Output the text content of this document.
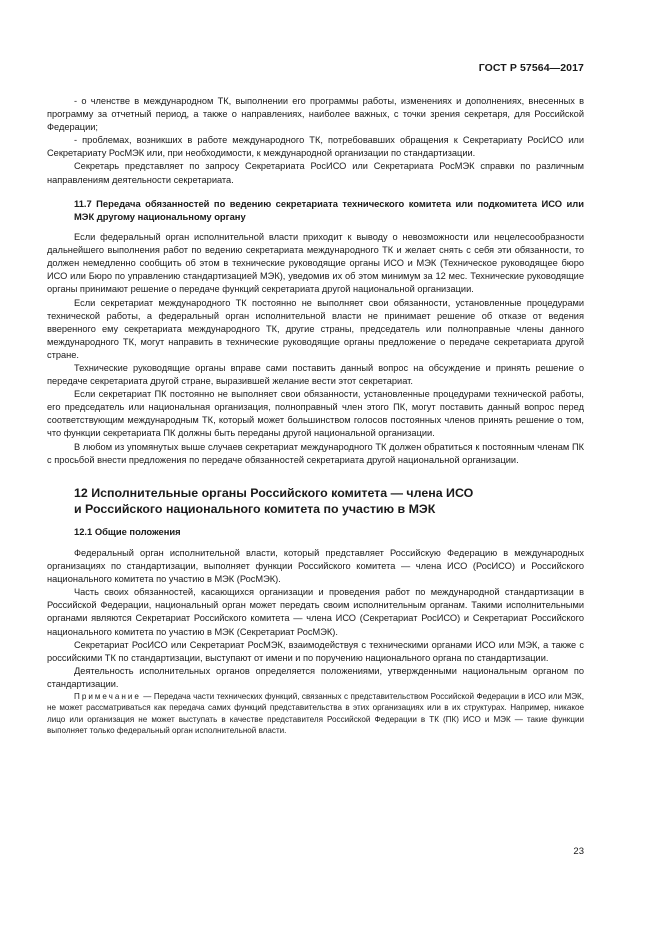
ГОСТ Р 57564—2017

- о членстве в международном ТК, выполнении его программы работы, изменениях и дополнениях, внесенных в программу за отчетный период, а также о направлениях, наиболее важных, с точки зрения секретаря, для Российской Федерации;

- проблемах, возникших в работе международного ТК, потребовавших обращения к Секретариату РосИСО или Секретариату РосМЭК или, при необходимости, к международной организации по стандартизации.

Секретарь представляет по запросу Секретариата РосИСО или Секретариата РосМЭК справки по различным направлениям деятельности секретариата.

11.7 Передача обязанностей по ведению секретариата технического комитета или подкомитета ИСО или МЭК другому национальному органу

Если федеральный орган исполнительной власти приходит к выводу о невозможности или нецелесообразности дальнейшего выполнения работ по ведению секретариата международного ТК и желает снять с себя эти обязанности, то должен немедленно сообщить об этом в технические руководящие органы ИСО и МЭК (Техническое руководящее бюро ИСО или Бюро по управлению стандартизацией МЭК), уведомив их об этом минимум за 12 мес. Технические руководящие органы принимают решение о передаче функций секретариата другой национальной организации.

Если секретариат международного ТК постоянно не выполняет свои обязанности, установленные процедурами технической работы, а федеральный орган исполнительной власти не принимает решение об отказе от ведения вверенного ему секретариата международного ТК, другие страны, председатель или полноправные члены данного международного ТК, могут направить в технические руководящие органы предложение о передаче секретариата другой стране.

Технические руководящие органы вправе сами поставить данный вопрос на обсуждение и принять решение о передаче секретариата другой стране, выразившей желание вести этот секретариат.

Если секретариат ПК постоянно не выполняет свои обязанности, установленные процедурами технической работы, его председатель или национальная организация, полноправный член этого ПК, могут поставить данный вопрос перед соответствующим международным ТК, который может большинством голосов постоянных членов принять решение о том, что функции секретариата ПК должны быть переданы другой национальной организации.

В любом из упомянутых выше случаев секретариат международного ТК должен обратиться к постоянным членам ПК с просьбой внести предложения по передаче обязанностей секретариата другой национальной организации.

12 Исполнительные органы Российского комитета — члена ИСО
и Российского национального комитета по участию в МЭК
12.1 Общие положения

Федеральный орган исполнительной власти, который представляет Российскую Федерацию в международных организациях по стандартизации, выполняет функции Российского комитета — члена ИСО (РосИСО) и Российского национального комитета по участию в МЭК (РосМЭК).

Часть своих обязанностей, касающихся организации и проведения работ по международной стандартизации в Российской Федерации, национальный орган может передать своим исполнительным органам. Такими исполнительными органами являются Секретариат Российского комитета — члена ИСО (Секретариат РосИСО) и Секретариат Российского национального комитета по участию в МЭК (Секретариат РосМЭК).

Секретариат РосИСО или Секретариат РосМЭК, взаимодействуя с техническими органами ИСО или МЭК, а также с российскими ТК по стандартизации, выступают от имени и по поручению национального органа по стандартизации.

Деятельность исполнительных органов определяется положениями, утвержденными национальным органом по стандартизации.

Примечание — Передача части технических функций, связанных с представительством Российской Федерации в ИСО или МЭК, не может рассматриваться как передача самих функций представительства в этих организациях или в их структурах. Например, никакое лицо или организация не может выступать в качестве представителя Российской Федерации в ТК (ПК) ИСО и МЭК — такие функции выполняет только федеральный орган исполнительной власти.

23
